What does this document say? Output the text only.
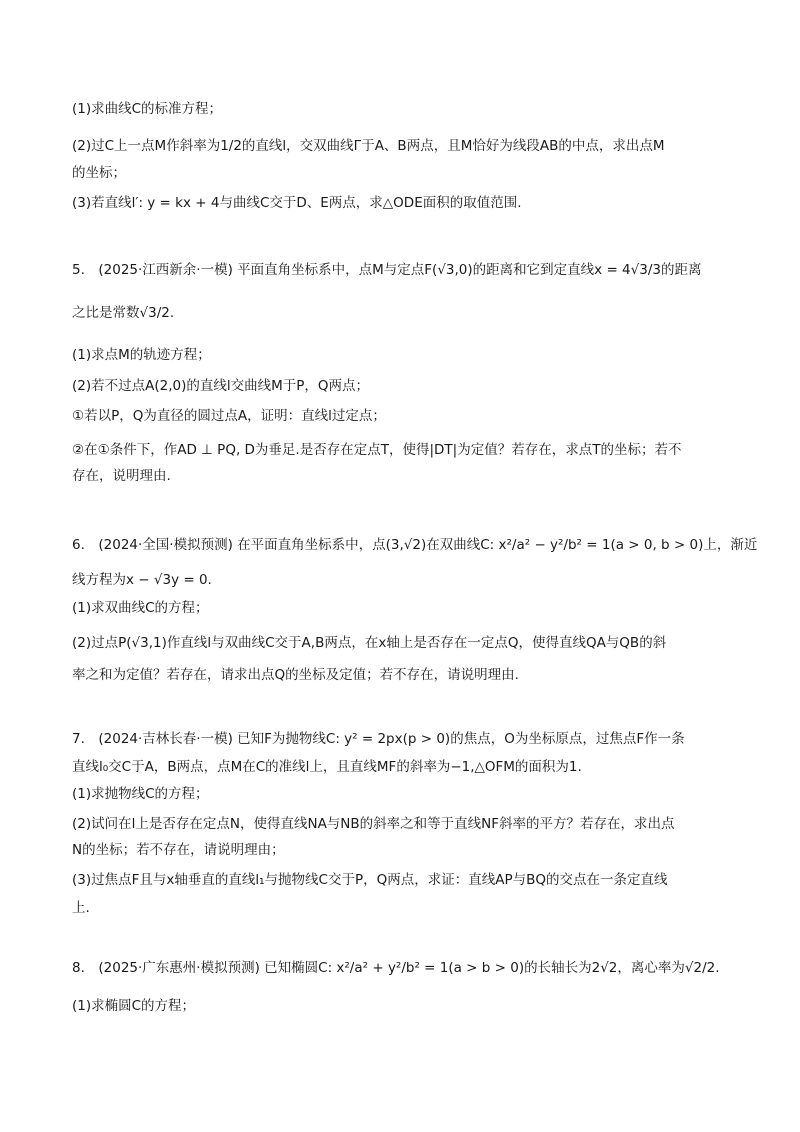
(1)求曲线C的标准方程；
(2)过C上一点M作斜率为1/2的直线l，交双曲线Γ于A、B两点，且M恰好为线段AB的中点，求出点M
的坐标；
(3)若直线l′: y = kx + 4与曲线C交于D、E两点，求△ODE面积的取值范围.
5.　(2025·江西新余·一模) 平面直角坐标系中，点M与定点F(√3,0)的距离和它到定直线x = 4√3/3的距离
之比是常数√3/2.
(1)求点M的轨迹方程；
(2)若不过点A(2,0)的直线l交曲线M于P，Q两点；
①若以P，Q为直径的圆过点A，证明：直线l过定点；
②在①条件下，作AD ⊥ PQ, D为垂足.是否存在定点T，使得|DT|为定值？若存在，求点T的坐标；若不
存在，说明理由.
6.　(2024·全国·模拟预测) 在平面直角坐标系中，点(3,√2)在双曲线C: x²/a² − y²/b² = 1(a > 0, b > 0)上，渐近
线方程为x − √3y = 0.
(1)求双曲线C的方程；
(2)过点P(√3,1)作直线l与双曲线C交于A,B两点，在x轴上是否存在一定点Q，使得直线QA与QB的斜
率之和为定值？若存在，请求出点Q的坐标及定值；若不存在，请说明理由.
7.　(2024·吉林长春·一模) 已知F为抛物线C: y² = 2px(p > 0)的焦点，O为坐标原点，过焦点F作一条
直线l₀交C于A，B两点，点M在C的准线l上，且直线MF的斜率为−1,△OFM的面积为1.
(1)求抛物线C的方程；
(2)试问在l上是否存在定点N，使得直线NA与NB的斜率之和等于直线NF斜率的平方？若存在，求出点
N的坐标；若不存在，请说明理由；
(3)过焦点F且与x轴垂直的直线l₁与抛物线C交于P，Q两点，求证：直线AP与BQ的交点在一条定直线
上.
8.　(2025·广东惠州·模拟预测) 已知椭圆C: x²/a² + y²/b² = 1(a > b > 0)的长轴长为2√2，离心率为√2/2.
(1)求椭圆C的方程；
